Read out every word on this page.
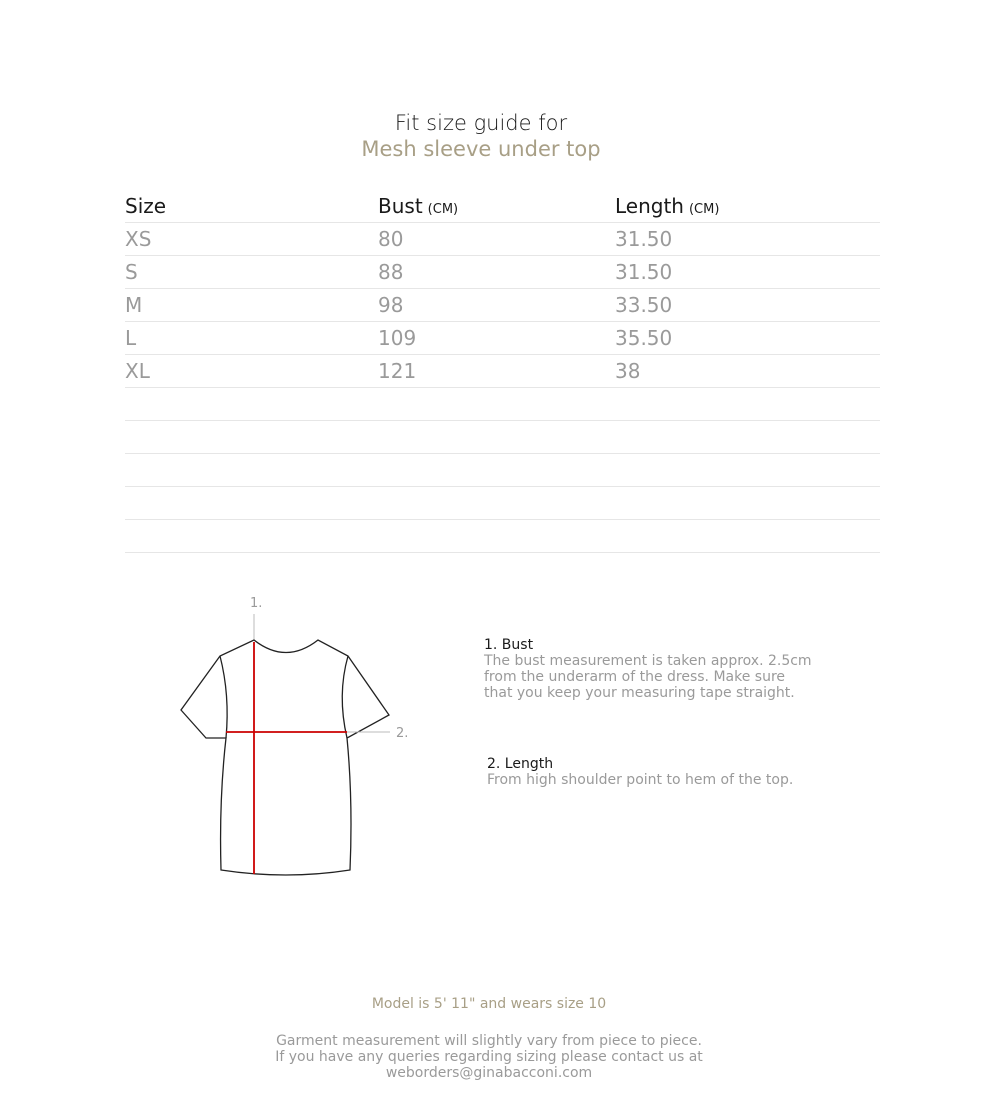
Fit size guide for
Mesh sleeve under top
Size	Bust (CM)	Length (CM)
XS	80	31.50
S	88	31.50
M	98	33.50
L	109	35.50
XL	121	38
1.
2.
1. Bust
The bust measurement is taken approx. 2.5cm
from the underarm of the dress. Make sure
that you keep your measuring tape straight.
2. Length
From high shoulder point to hem of the top.
Model is 5' 11" and wears size 10
Garment measurement will slightly vary from piece to piece.
If you have any queries regarding sizing please contact us at
weborders@ginabacconi.com
